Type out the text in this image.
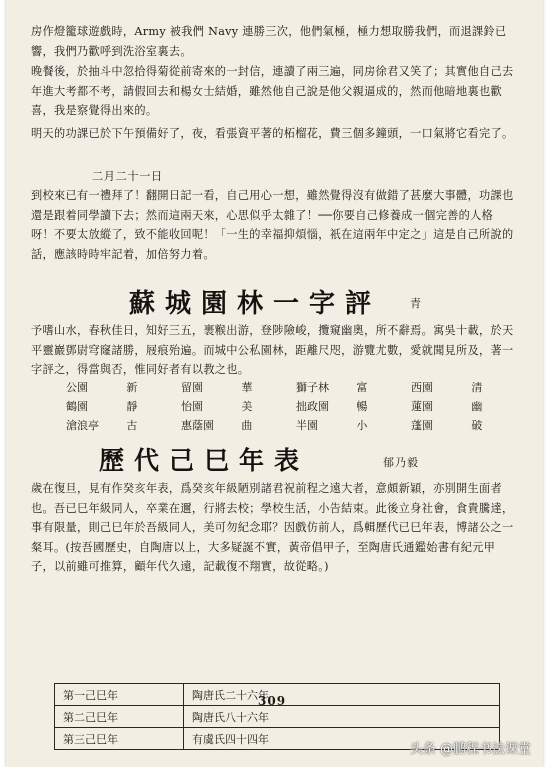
房作燈籠球遊戲時，Army 被我們 Navy 連勝三次，他們氣極，極力想取勝我們，而退課鈴已響，我們乃歡呼到洗浴室裏去。
晚餐後，於抽斗中忽拾得菊從前寄來的一封信，連讀了兩三遍，同房徐君又笑了；其實他自己去年進大考都不考，請假回去和楊女士結婚，雖然他自己說是他父親逼成的，然而他暗地裏也歡喜，我是察覺得出來的。
明天的功課已於下午預備好了，夜，看張資平著的柘榴花，費三個多鐘頭，一口氣將它看完了。
二月二十一日
到校來已有一禮拜了！翻開日記一看，自己用心一想，雖然覺得沒有做錯了甚麼大事體，功課也還是跟着同學讀下去；然而這兩天來，心思似乎太雜了！──你要自己修養成一個完善的人格呀！不要太放縱了，致不能收回呢！「一生的幸福抑煩惱，祇在這兩年中定之」這是自己所說的話，應該時時牢記着，加倍努力着。
蘇城園林一字評	青
予嗜山水，春秋佳日，知好三五，裹糇出游，登陟險峻，攬窺幽奧，所不辭焉。寓吳十載，於天平靈巖鄧尉穹窿諸勝，屐痕殆遍。而城中公私園林，距離尺咫，游覽尤數，愛就聞見所及，著一字評之，得當與否，惟同好者有以教之也。
公園	新	留園	華	獅子林	富	西園	清
鶴園	靜	怡園	美	拙政園	暢	蓮園	幽
滄浪亭	古	惠蔭園	曲	半園	小	蓬園	破
歷代己巳年表	郁乃毅
歲在復旦，見有作癸亥年表，爲癸亥年級陋別諸君祝前程之遠大者，意頗新穎，亦別開生面者也。吾已巳年級同人，卒業在邇，行將去校；學校生活，小告結束。此後立身社會，食貴騰達，事有限量，則己巳年於吾級同人，美可勿紀念耶？因戲仿前人，爲輯歷代已巳年表，博諸公之一粲耳。(按吾國歷史，自陶唐以上，大多疑誕不實，黃帝倡甲子，至陶唐氏通鑑始書有紀元甲子，以前雖可推算，顧年代久遠，記載復不翔實，故從略。)
第一己巳年	陶唐氏二十六年
第二己巳年	陶唐氏八十六年
第三己巳年	有虞氏四十四年
309
头条 @鹏程书法课堂
